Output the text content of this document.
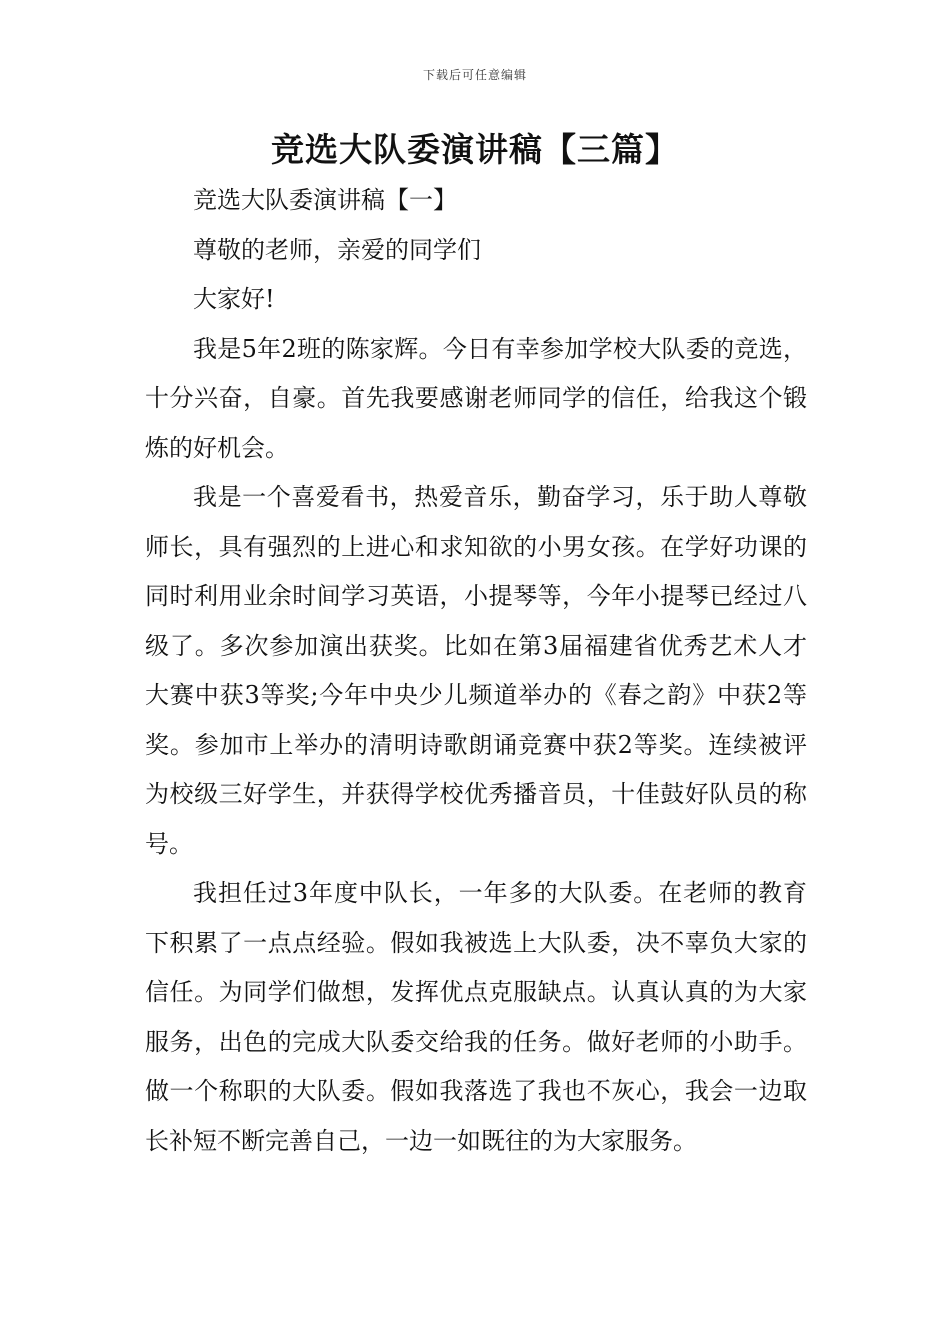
下载后可任意编辑
竞选大队委演讲稿【三篇】

竞选大队委演讲稿【一】

尊敬的老师，亲爱的同学们

大家好!

我是5年2班的陈家辉。今日有幸参加学校大队委的竞选，十分兴奋，自豪。首先我要感谢老师同学的信任，给我这个锻炼的好机会。

我是一个喜爱看书，热爱音乐，勤奋学习，乐于助人尊敬师长，具有强烈的上进心和求知欲的小男女孩。在学好功课的同时利用业余时间学习英语，小提琴等，今年小提琴已经过八级了。多次参加演出获奖。比如在第3届福建省优秀艺术人才大赛中获3等奖;今年中央少儿频道举办的《春之韵》中获2等奖。参加市上举办的清明诗歌朗诵竞赛中获2等奖。连续被评为校级三好学生，并获得学校优秀播音员，十佳鼓好队员的称号。

我担任过3年度中队长，一年多的大队委。在老师的教育下积累了一点点经验。假如我被选上大队委，决不辜负大家的信任。为同学们做想，发挥优点克服缺点。认真认真的为大家服务，出色的完成大队委交给我的任务。做好老师的小助手。做一个称职的大队委。假如我落选了我也不灰心，我会一边取长补短不断完善自己，一边一如既往的为大家服务。
